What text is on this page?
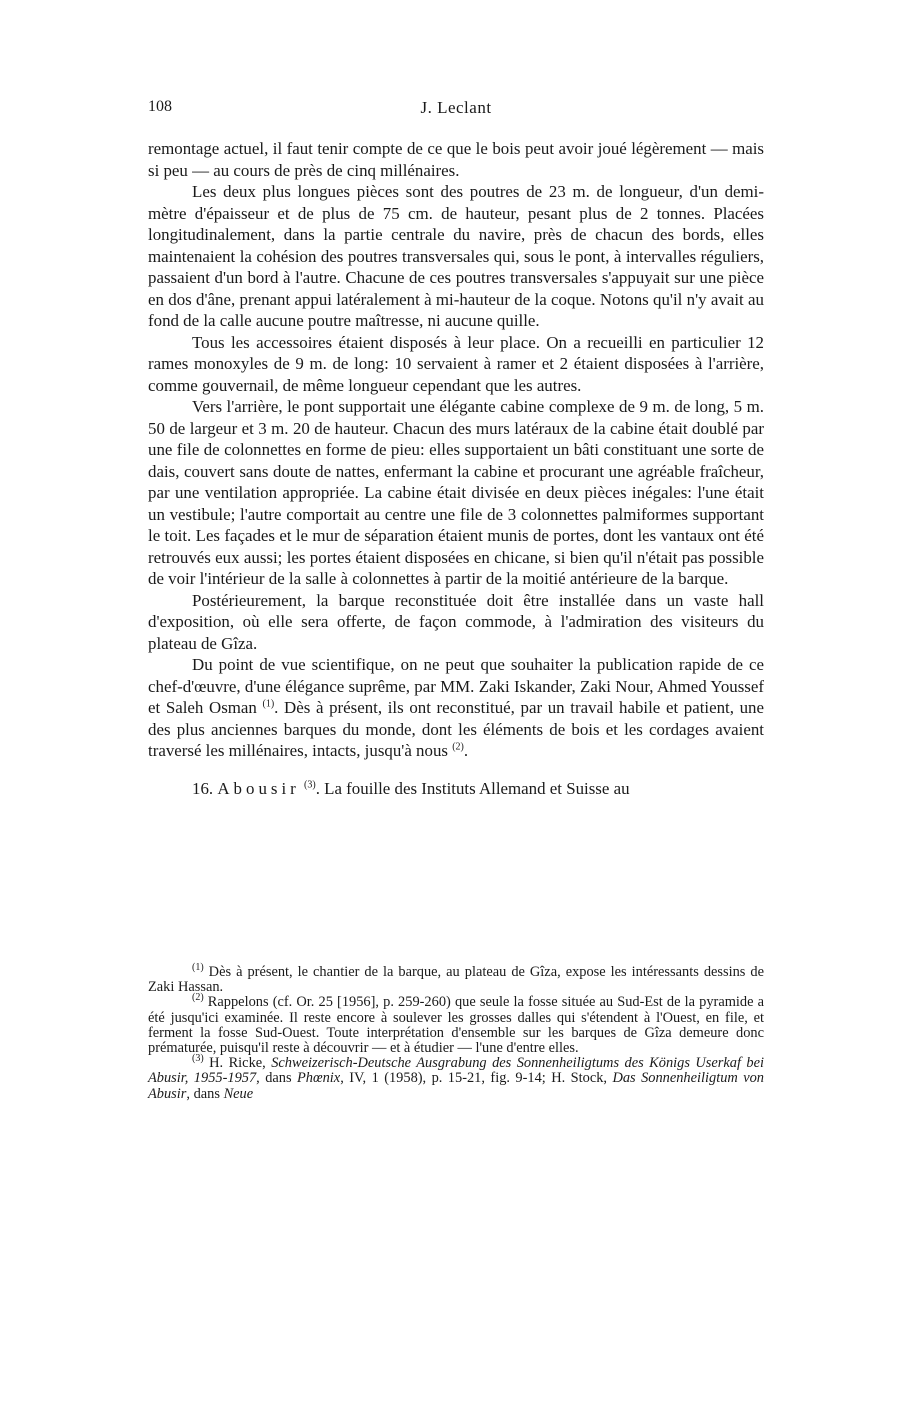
108	J. Leclant

remontage actuel, il faut tenir compte de ce que le bois peut avoir joué légèrement — mais si peu — au cours de près de cinq millénaires.

Les deux plus longues pièces sont des poutres de 23 m. de longueur, d'un demi-mètre d'épaisseur et de plus de 75 cm. de hauteur, pesant plus de 2 tonnes. Placées longitudinalement, dans la partie centrale du navire, près de chacun des bords, elles maintenaient la cohésion des poutres transversales qui, sous le pont, à intervalles réguliers, passaient d'un bord à l'autre. Chacune de ces poutres transversales s'appuyait sur une pièce en dos d'âne, prenant appui latéralement à mi-hauteur de la coque. Notons qu'il n'y avait au fond de la calle aucune poutre maîtresse, ni aucune quille.

Tous les accessoires étaient disposés à leur place. On a recueilli en particulier 12 rames monoxyles de 9 m. de long: 10 servaient à ramer et 2 étaient disposées à l'arrière, comme gouvernail, de même longueur cependant que les autres.

Vers l'arrière, le pont supportait une élégante cabine complexe de 9 m. de long, 5 m. 50 de largeur et 3 m. 20 de hauteur. Chacun des murs latéraux de la cabine était doublé par une file de colonnettes en forme de pieu: elles supportaient un bâti constituant une sorte de dais, couvert sans doute de nattes, enfermant la cabine et procurant une agréable fraîcheur, par une ventilation appropriée. La cabine était divisée en deux pièces inégales: l'une était un vestibule; l'autre comportait au centre une file de 3 colonnettes palmiformes supportant le toit. Les façades et le mur de séparation étaient munis de portes, dont les vantaux ont été retrouvés eux aussi; les portes étaient disposées en chicane, si bien qu'il n'était pas possible de voir l'intérieur de la salle à colonnettes à partir de la moitié antérieure de la barque.

Postérieurement, la barque reconstituée doit être installée dans un vaste hall d'exposition, où elle sera offerte, de façon commode, à l'admiration des visiteurs du plateau de Gîza.

Du point de vue scientifique, on ne peut que souhaiter la publication rapide de ce chef-d'œuvre, d'une élégance suprême, par MM. Zaki Iskander, Zaki Nour, Ahmed Youssef et Saleh Osman $^{(1)}$. Dès à présent, ils ont reconstitué, par un travail habile et patient, une des plus anciennes barques du monde, dont les éléments de bois et les cordages avaient traversé les millénaires, intacts, jusqu'à nous $^{(2)}$.

16. Abousir $^{(3)}$. La fouille des Instituts Allemand et Suisse au

$^{(1)}$ Dès à présent, le chantier de la barque, au plateau de Gîza, expose les intéressants dessins de Zaki Hassan.

$^{(2)}$ Rappelons (cf. Or. 25 [1956], p. 259-260) que seule la fosse située au Sud-Est de la pyramide a été jusqu'ici examinée. Il reste encore à soulever les grosses dalles qui s'étendent à l'Ouest, en file, et ferment la fosse Sud-Ouest. Toute interprétation d'ensemble sur les barques de Gîza demeure donc prématurée, puisqu'il reste à découvrir — et à étudier — l'une d'entre elles.

$^{(3)}$ H. Ricke, Schweizerisch-Deutsche Ausgrabung des Sonnenheiligtums des Königs Userkaf bei Abusir, 1955-1957, dans Phœnix, IV, 1 (1958), p. 15-21, fig. 9-14; H. Stock, Das Sonnenheiligtum von Abusir, dans Neue
